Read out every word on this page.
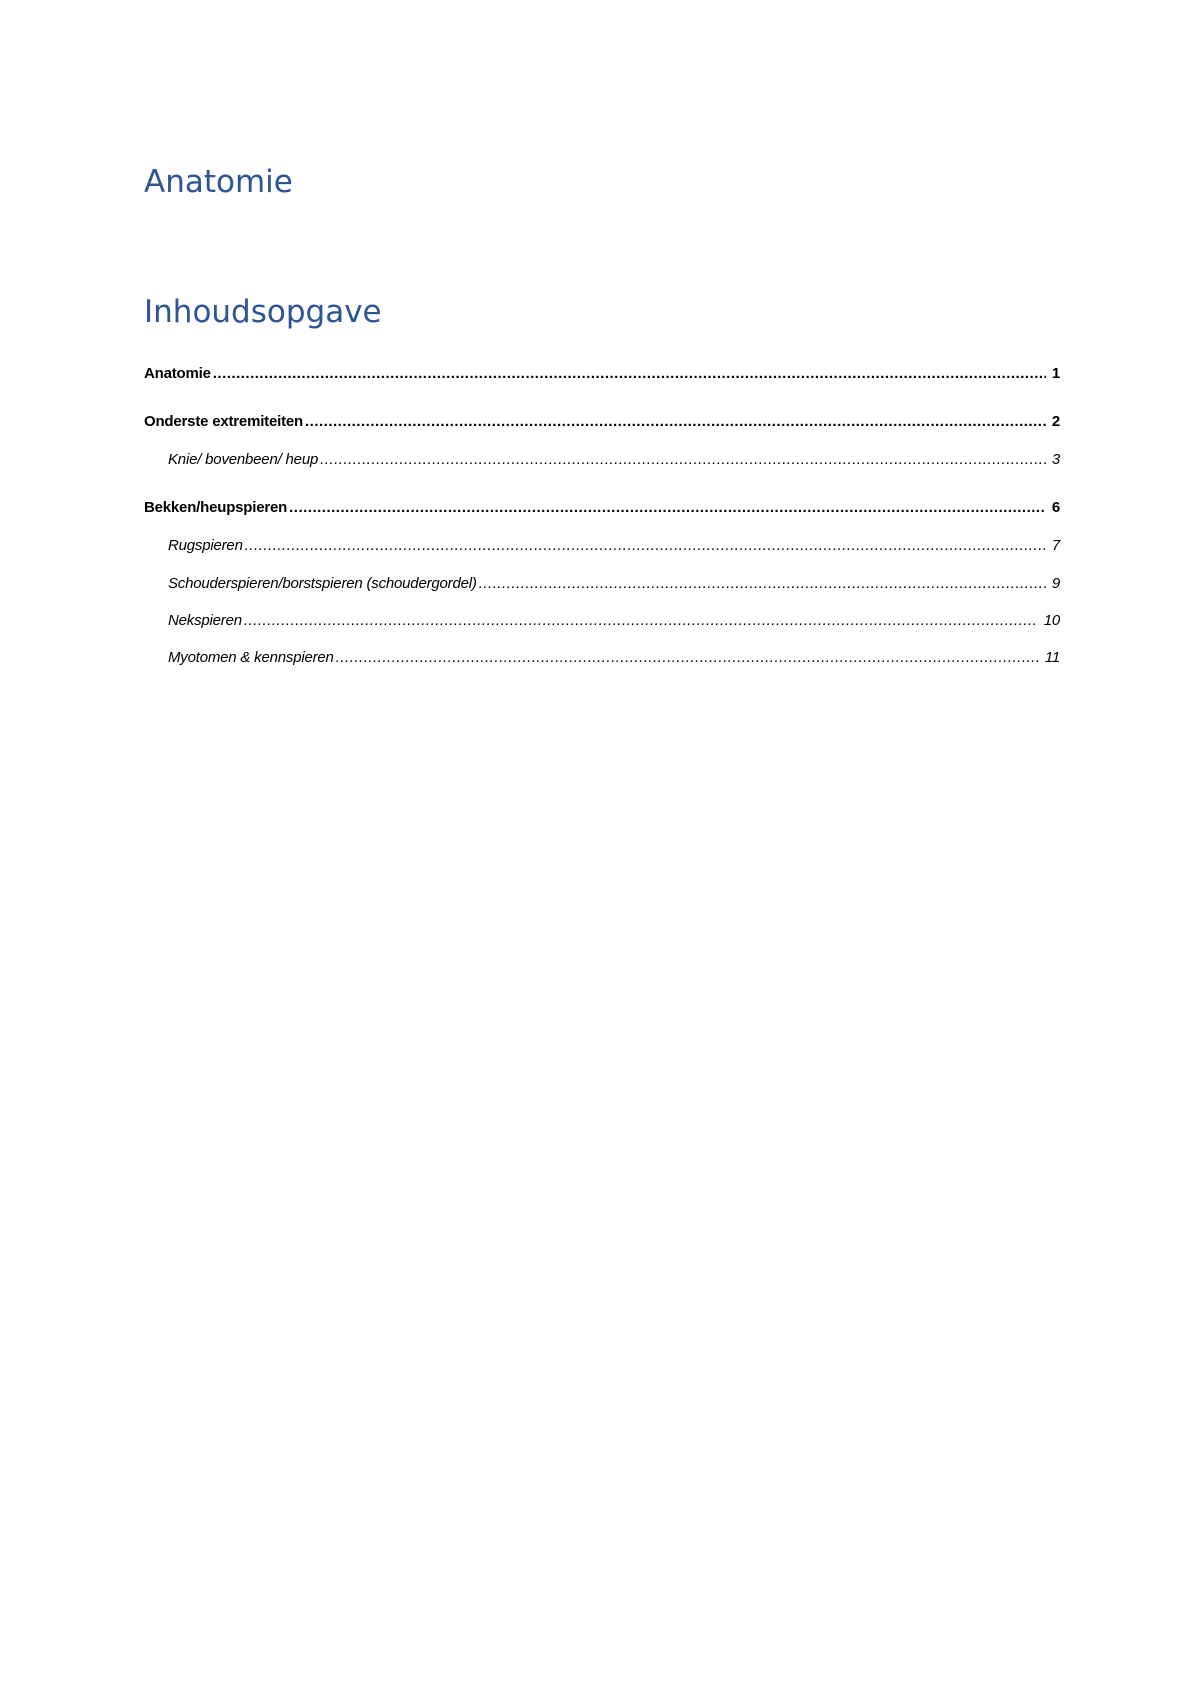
Anatomie
Inhoudsopgave
Anatomie .....	1
Onderste extremiteiten .....	2
Knie/ bovenbeen/ heup .....	3
Bekken/heupspieren .....	6
Rugspieren .....	7
Schouderspieren/borstspieren (schoudergordel) .....	9
Nekspieren .....	10
Myotomen & kennspieren .....	11
